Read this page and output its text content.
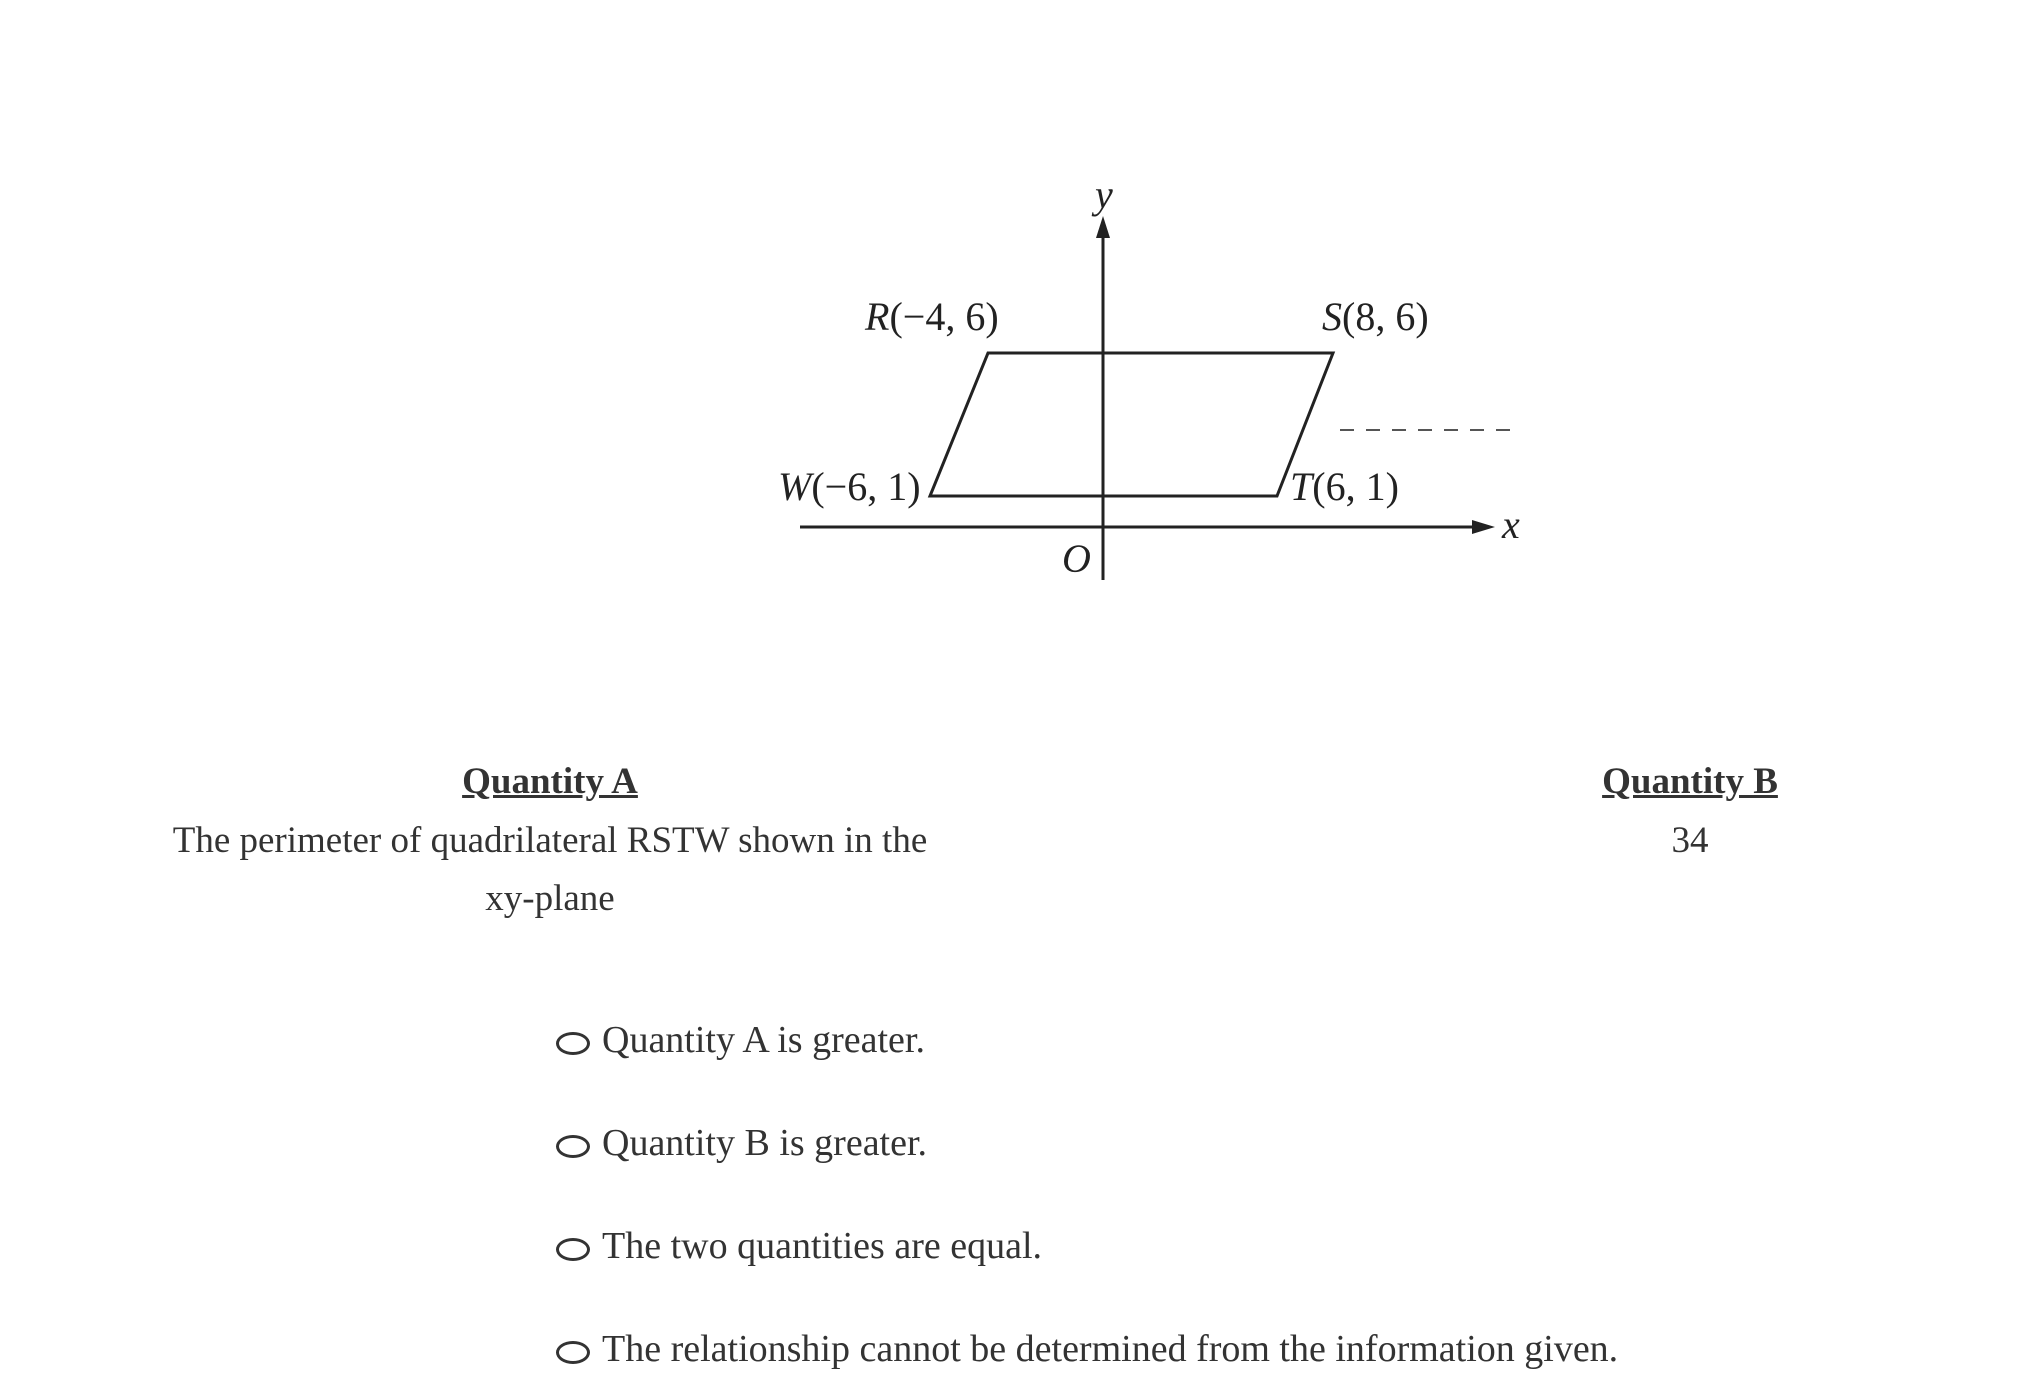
y
x
O
R(−4, 6)	S(8, 6)
T(6, 1)
W(−6, 1)
Quantity A
The perimeter of quadrilateral RSTW shown in the
xy-plane
Quantity B
34
Quantity A is greater.
Quantity B is greater.
The two quantities are equal.
The relationship cannot be determined from the information given.
